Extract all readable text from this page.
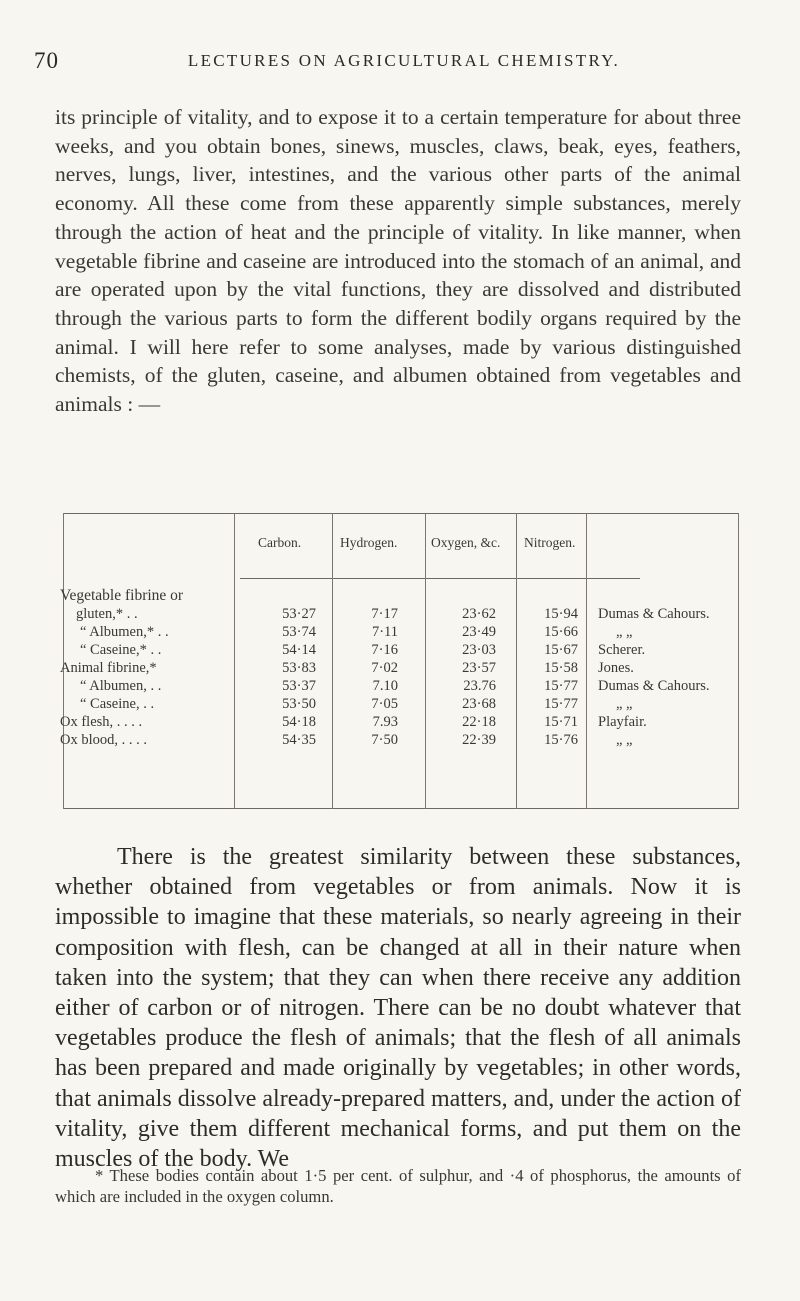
70	LECTURES ON AGRICULTURAL CHEMISTRY.

its principle of vitality, and to expose it to a certain temperature for about three weeks, and you obtain bones, sinews, muscles, claws, beak, eyes, feathers, nerves, lungs, liver, intestines, and the various other parts of the animal economy. All these come from these apparently simple substances, merely through the action of heat and the principle of vitality. In like manner, when vegetable fibrine and caseine are introduced into the stomach of an animal, and are operated upon by the vital functions, they are dissolved and distributed through the various parts to form the different bodily organs required by the animal. I will here refer to some analyses, made by various distinguished chemists, of the gluten, caseine, and albumen obtained from vegetables and animals : —

Carbon.	Hydrogen. Oxygen, &c. Nitrogen.
Vegetable fibrine or
gluten,* . .	53·27	7·17	23·62	15·94 Dumas & Cahours.
“ Albumen,* . .	53·74	7·11	23·49	15·66	„ „
“ Caseine,* . .	54·14	7·16	23·03	15·67 Scherer.
Animal fibrine,*	53·83	7·02	23·57	15·58 Jones.
“ Albumen, . .	53·37	7.10	23.76	15·77 Dumas & Cahours.
“ Caseine, . .	53·50	7·05	23·68	15·77	„ „
Ox flesh, . . . .	54·18	7.93	22·18	15·71 Playfair.
Ox blood, . . . .	54·35	7·50	22·39	15·76	„ „

There is the greatest similarity between these substances, whether obtained from vegetables or from animals. Now it is impossible to imagine that these materials, so nearly agreeing in their composition with flesh, can be changed at all in their nature when taken into the system; that they can when there receive any addition either of carbon or of nitrogen. There can be no doubt whatever that vegetables produce the flesh of animals; that the flesh of all animals has been prepared and made originally by vegetables; in other words, that animals dissolve already-prepared matters, and, under the action of vitality, give them different mechanical forms, and put them on the muscles of the body. We

* These bodies contain about 1·5 per cent. of sulphur, and ·4 of phosphorus, the amounts of which are included in the oxygen column.
